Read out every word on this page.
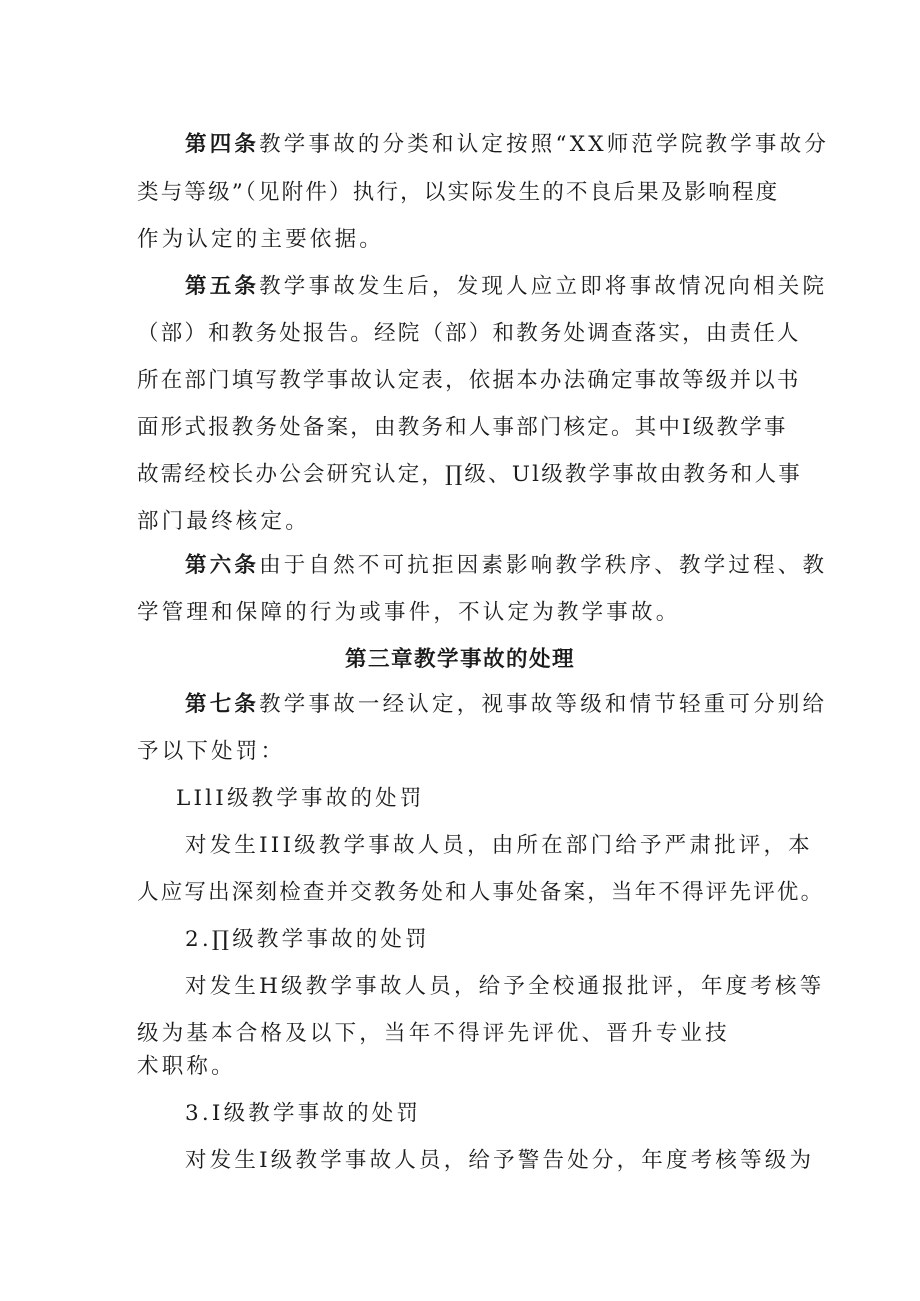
第四条教学事故的分类和认定按照“XX师范学院教学事故分
类与等级”（见附件）执行，以实际发生的不良后果及影响程度
作为认定的主要依据。
第五条教学事故发生后，发现人应立即将事故情况向相关院
（部）和教务处报告。经院（部）和教务处调查落实，由责任人
所在部门填写教学事故认定表，依据本办法确定事故等级并以书
面形式报教务处备案，由教务和人事部门核定。其中Ⅰ级教学事
故需经校长办公会研究认定，∏级、Ul级教学事故由教务和人事
部门最终核定。
第六条由于自然不可抗拒因素影响教学秩序、教学过程、教
学管理和保障的行为或事件，不认定为教学事故。
第三章教学事故的处理
第七条教学事故一经认定，视事故等级和情节轻重可分别给
予以下处罚：
LIlI级教学事故的处罚
对发生III级教学事故人员，由所在部门给予严肃批评，本
人应写出深刻检查并交教务处和人事处备案，当年不得评先评优。
2.∏级教学事故的处罚
对发生H级教学事故人员，给予全校通报批评，年度考核等
级为基本合格及以下，当年不得评先评优、晋升专业技
术职称。
3.Ⅰ级教学事故的处罚
对发生Ⅰ级教学事故人员，给予警告处分，年度考核等级为
